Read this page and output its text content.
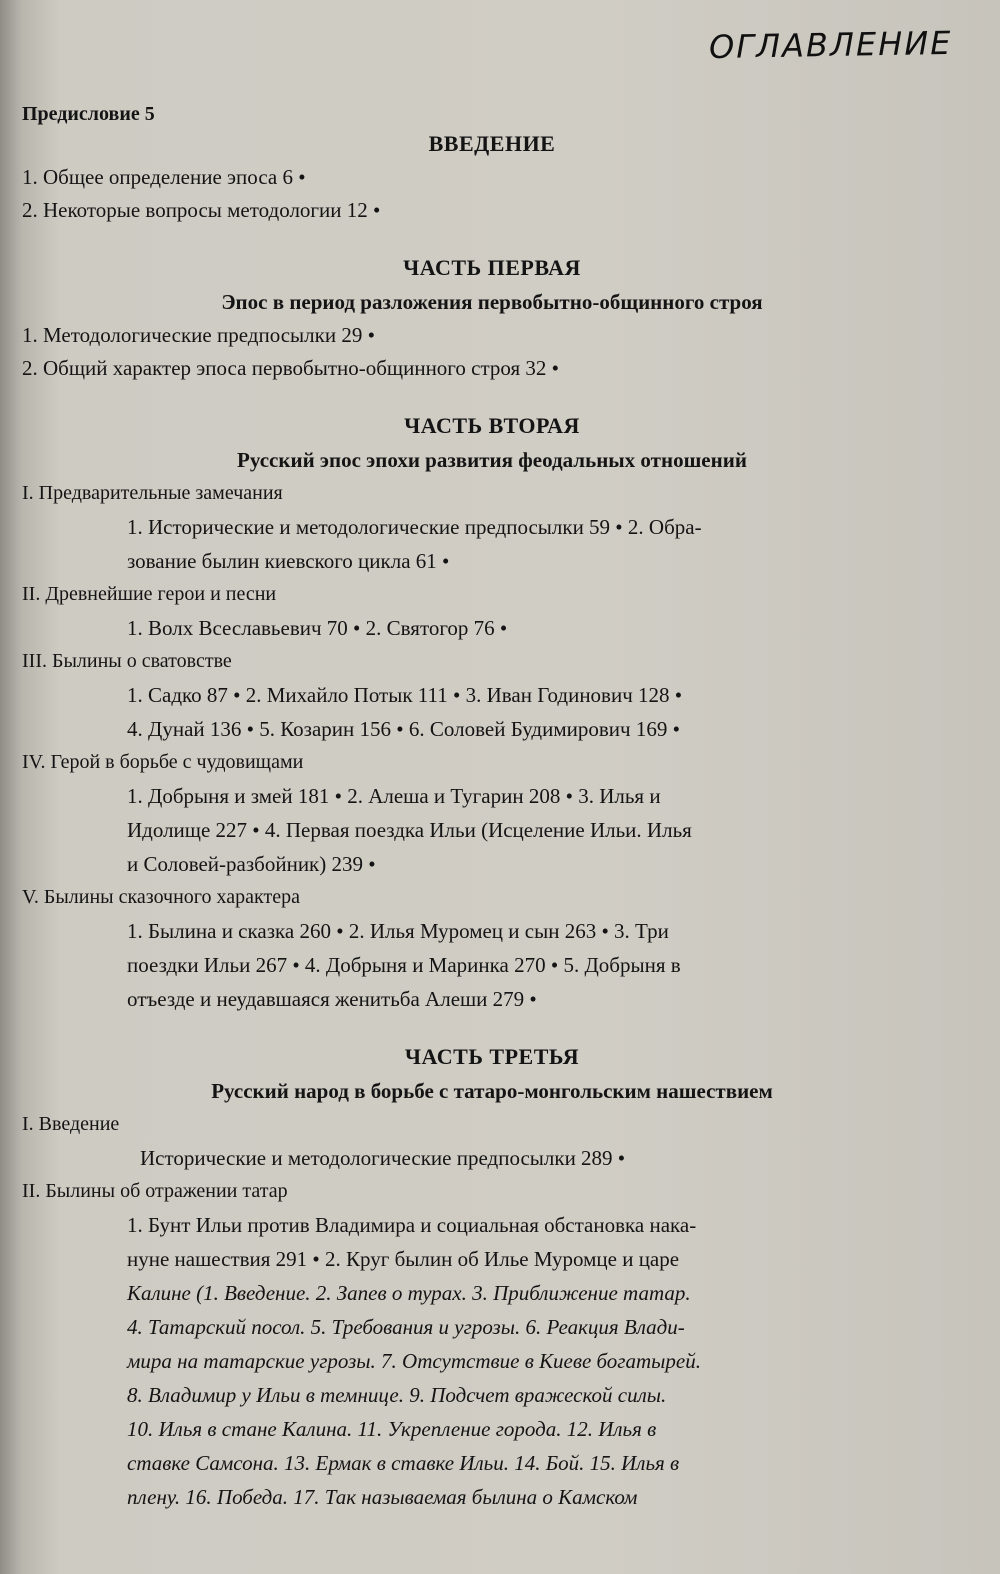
ОГЛАВЛЕНИЕ
Предисловие 5
ВВЕДЕНИЕ
1. Общее определение эпоса 6 •
2. Некоторые вопросы методологии 12 •
ЧАСТЬ ПЕРВАЯ
Эпос в период разложения первобытно-общинного строя
1. Методологические предпосылки 29 •
2. Общий характер эпоса первобытно-общинного строя 32 •
ЧАСТЬ ВТОРАЯ
Русский эпос эпохи развития феодальных отношений
I. Предварительные замечания
1. Исторические и методологические предпосылки 59 • 2. Обра-
зование былин киевского цикла 61 •
II. Древнейшие герои и песни
1. Волх Всеславьевич 70 • 2. Святогор 76 •
III. Былины о сватовстве
1. Садко 87 • 2. Михайло Потык 111 • 3. Иван Годинович 128 •
4. Дунай 136 • 5. Козарин 156 • 6. Соловей Будимирович 169 •
IV. Герой в борьбе с чудовищами
1. Добрыня и змей 181 • 2. Алеша и Тугарин 208 • 3. Илья и
Идолище 227 • 4. Первая поездка Ильи (Исцеление Ильи. Илья
и Соловей-разбойник) 239 •
V. Былины сказочного характера
1. Былина и сказка 260 • 2. Илья Муромец и сын 263 • 3. Три
поездки Ильи 267 • 4. Добрыня и Маринка 270 • 5. Добрыня в
отъезде и неудавшаяся женитьба Алеши 279 •
ЧАСТЬ ТРЕТЬЯ
Русский народ в борьбе с татаро-монгольским нашествием
I. Введение
Исторические и методологические предпосылки 289 •
II. Былины об отражении татар
1. Бунт Ильи против Владимира и социальная обстановка нака-
нуне нашествия 291 • 2. Круг былин об Илье Муромце и царе
Калине (1. Введение. 2. Запев о турах. 3. Приближение татар.
4. Татарский посол. 5. Требования и угрозы. 6. Реакция Влади-
мира на татарские угрозы. 7. Отсутствие в Киеве богатырей.
8. Владимир у Ильи в темнице. 9. Подсчет вражеской силы.
10. Илья в стане Калина. 11. Укрепление города. 12. Илья в
ставке Самсона. 13. Ермак в ставке Ильи. 14. Бой. 15. Илья в
плену. 16. Победа. 17. Так называемая былина о Камском
